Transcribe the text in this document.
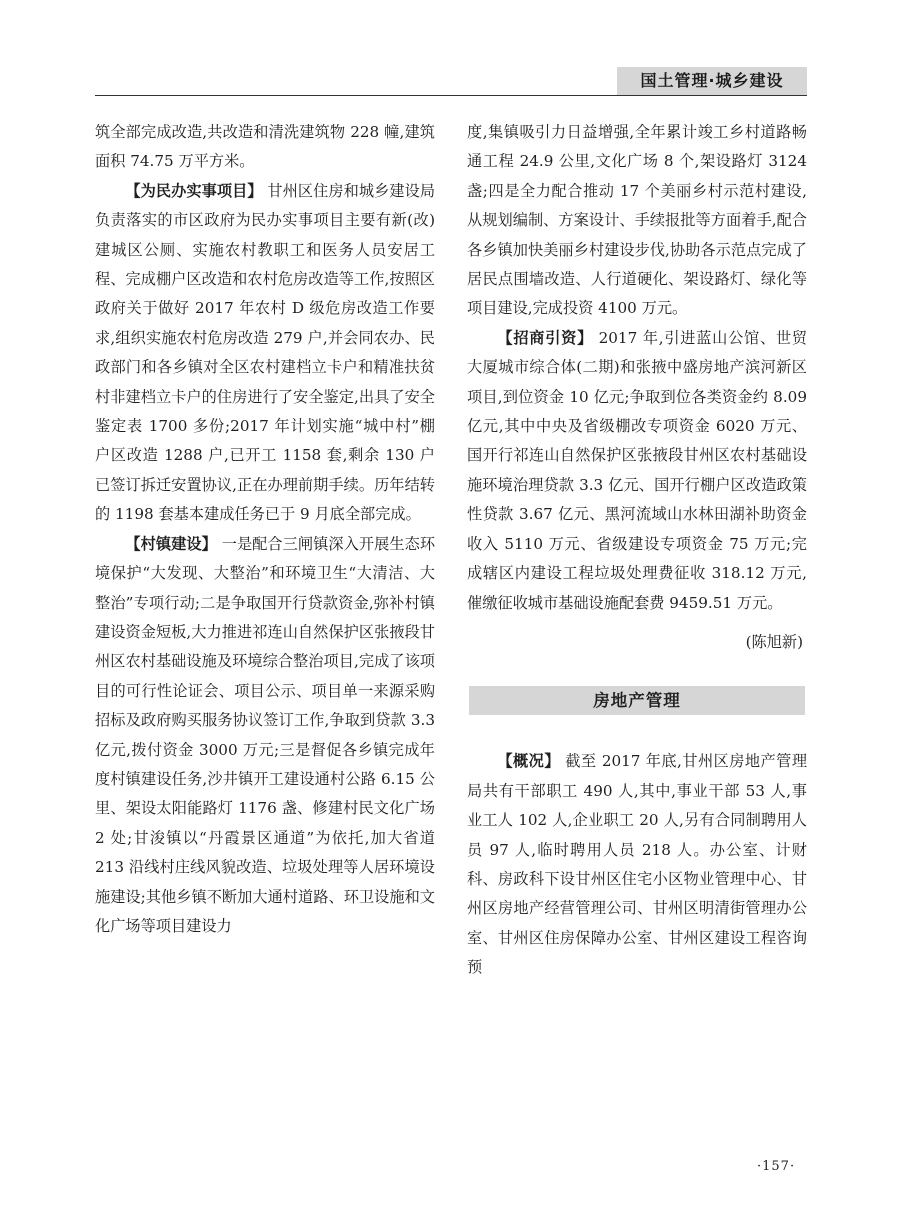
国土管理·城乡建设

筑全部完成改造,共改造和清洗建筑物 228 幢,建筑面积 74.75 万平方米。

【为民办实事项目】 甘州区住房和城乡建设局负责落实的市区政府为民办实事项目主要有新(改)建城区公厕、实施农村教职工和医务人员安居工程、完成棚户区改造和农村危房改造等工作,按照区政府关于做好 2017 年农村 D 级危房改造工作要求,组织实施农村危房改造 279 户,并会同农办、民政部门和各乡镇对全区农村建档立卡户和精准扶贫村非建档立卡户的住房进行了安全鉴定,出具了安全鉴定表 1700 多份;2017 年计划实施“城中村”棚户区改造 1288 户,已开工 1158 套,剩余 130 户已签订拆迁安置协议,正在办理前期手续。历年结转的 1198 套基本建成任务已于 9 月底全部完成。

【村镇建设】 一是配合三闸镇深入开展生态环境保护“大发现、大整治”和环境卫生“大清洁、大整治”专项行动;二是争取国开行贷款资金,弥补村镇建设资金短板,大力推进祁连山自然保护区张掖段甘州区农村基础设施及环境综合整治项目,完成了该项目的可行性论证会、项目公示、项目单一来源采购招标及政府购买服务协议签订工作,争取到贷款 3.3 亿元,拨付资金 3000 万元;三是督促各乡镇完成年度村镇建设任务,沙井镇开工建设通村公路 6.15 公里、架设太阳能路灯 1176 盏、修建村民文化广场 2 处;甘浚镇以“丹霞景区通道”为依托,加大省道 213 沿线村庄线风貌改造、垃圾处理等人居环境设施建设;其他乡镇不断加大通村道路、环卫设施和文化广场等项目建设力

度,集镇吸引力日益增强,全年累计竣工乡村道路畅通工程 24.9 公里,文化广场 8 个,架设路灯 3124 盏;四是全力配合推动 17 个美丽乡村示范村建设,从规划编制、方案设计、手续报批等方面着手,配合各乡镇加快美丽乡村建设步伐,协助各示范点完成了居民点围墙改造、人行道硬化、架设路灯、绿化等项目建设,完成投资 4100 万元。

【招商引资】 2017 年,引进蓝山公馆、世贸大厦城市综合体(二期)和张掖中盛房地产滨河新区项目,到位资金 10 亿元;争取到位各类资金约 8.09 亿元,其中中央及省级棚改专项资金 6020 万元、国开行祁连山自然保护区张掖段甘州区农村基础设施环境治理贷款 3.3 亿元、国开行棚户区改造政策性贷款 3.67 亿元、黑河流域山水林田湖补助资金收入 5110 万元、省级建设专项资金 75 万元;完成辖区内建设工程垃圾处理费征收 318.12 万元,催缴征收城市基础设施配套费 9459.51 万元。

(陈旭新)

房地产管理

【概况】 截至 2017 年底,甘州区房地产管理局共有干部职工 490 人,其中,事业干部 53 人,事业工人 102 人,企业职工 20 人,另有合同制聘用人员 97 人,临时聘用人员 218 人。办公室、计财科、房政科下设甘州区住宅小区物业管理中心、甘州区房地产经营管理公司、甘州区明清街管理办公室、甘州区住房保障办公室、甘州区建设工程咨询预

·157·
